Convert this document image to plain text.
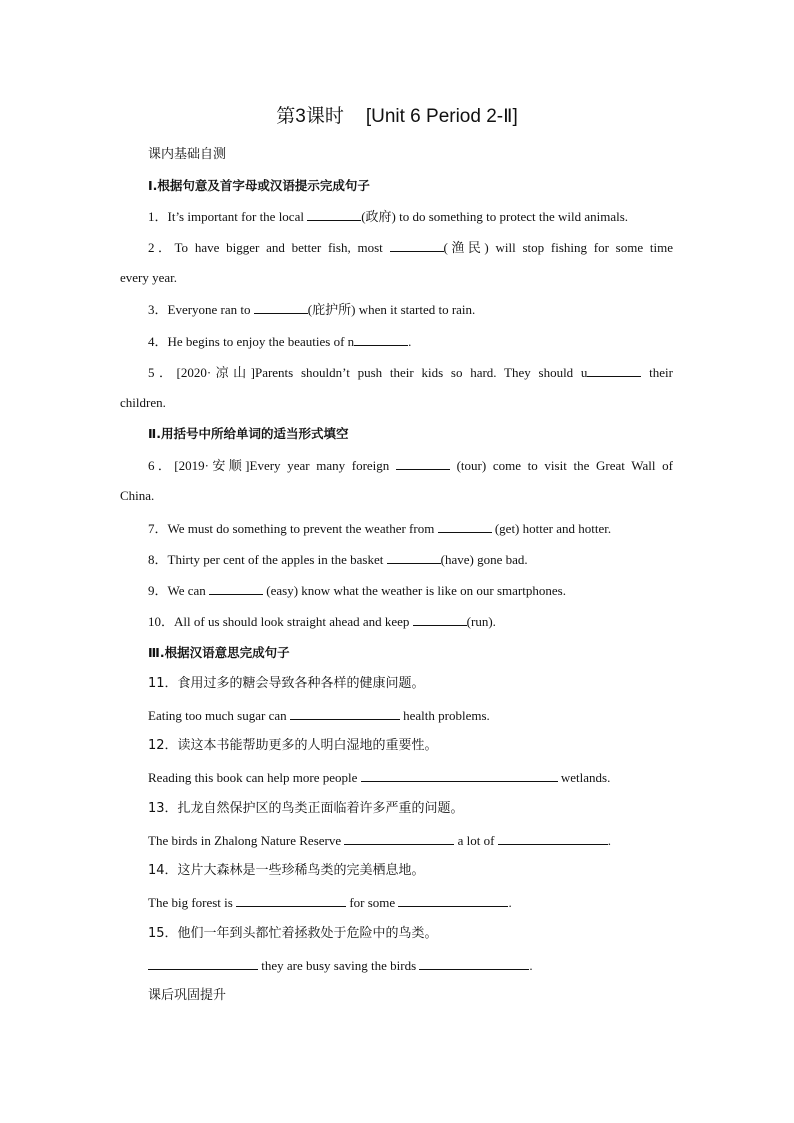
第3课时 [Unit 6 Period 2-Ⅱ]
课内基础自测
Ⅰ.根据句意及首字母或汉语提示完成句子
1．It’s important for the local	(政府) to do something to protect the wild animals.
2．To have bigger and better fish, most	(渔民) will stop fishing for some time
every year.
3．Everyone ran to	(庇护所) when it started to rain.
4．He begins to enjoy the beauties of n	.
5．[2020·凉山]Parents shouldn’t push their kids so hard. They should u	their
children.
Ⅱ.用括号中所给单词的适当形式填空
6．[2019·安顺]Every year many foreign	(tour) come to visit the Great Wall of
China.
7．We must do something to prevent the weather from	(get) hotter and hotter.
8．Thirty per cent of the apples in the basket	(have) gone bad.
9．We can	(easy) know what the weather is like on our smartphones.
10．All of us should look straight ahead and keep	(run).
Ⅲ.根据汉语意思完成句子
11．食用过多的糖会导致各种各样的健康问题。
Eating too much sugar can	health problems.
12．读这本书能帮助更多的人明白湿地的重要性。
Reading this book can help more people	wetlands.
13．扎龙自然保护区的鸟类正面临着许多严重的问题。
The birds in Zhalong Nature Reserve	a lot of	.
14．这片大森林是一些珍稀鸟类的完美栖息地。
The big forest is	for some	.
15．他们一年到头都忙着拯救处于危险中的鸟类。
they are busy saving the birds	.
课后巩固提升
